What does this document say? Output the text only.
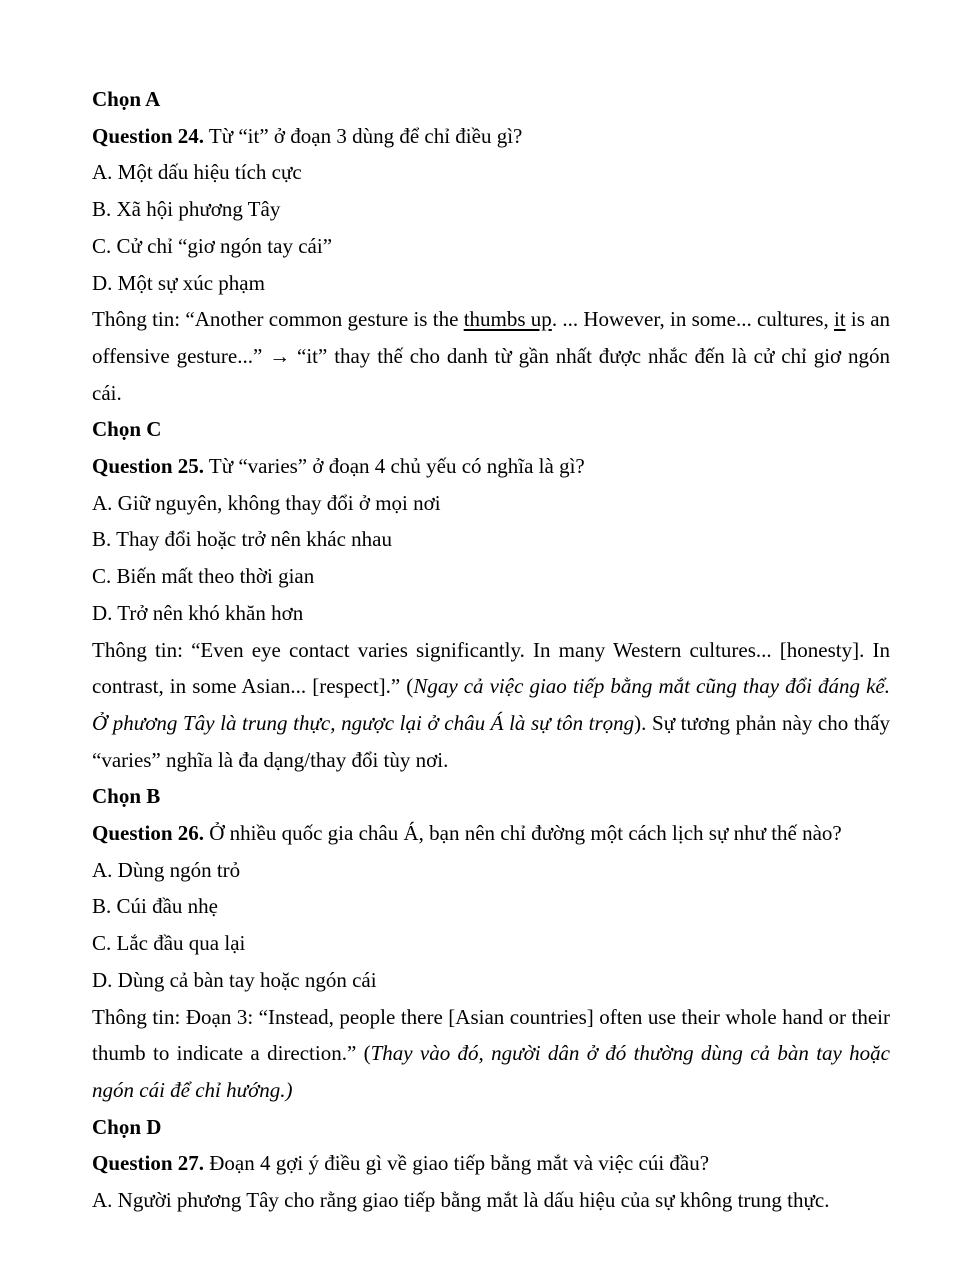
Chọn A

Question 24. Từ “it” ở đoạn 3 dùng để chỉ điều gì?

A. Một dấu hiệu tích cực

B. Xã hội phương Tây

C. Cử chỉ “giơ ngón tay cái”

D. Một sự xúc phạm

Thông tin: “Another common gesture is the thumbs up. ... However, in some... cultures, it is an offensive gesture...” → “it” thay thế cho danh từ gần nhất được nhắc đến là cử chỉ giơ ngón cái.

Chọn C

Question 25. Từ “varies” ở đoạn 4 chủ yếu có nghĩa là gì?

A. Giữ nguyên, không thay đổi ở mọi nơi

B. Thay đổi hoặc trở nên khác nhau

C. Biến mất theo thời gian

D. Trở nên khó khăn hơn

Thông tin: “Even eye contact varies significantly. In many Western cultures... [honesty]. In contrast, in some Asian... [respect].” (Ngay cả việc giao tiếp bằng mắt cũng thay đổi đáng kể. Ở phương Tây là trung thực, ngược lại ở châu Á là sự tôn trọng). Sự tương phản này cho thấy “varies” nghĩa là đa dạng/thay đổi tùy nơi.

Chọn B

Question 26. Ở nhiều quốc gia châu Á, bạn nên chỉ đường một cách lịch sự như thế nào?

A. Dùng ngón trỏ

B. Cúi đầu nhẹ

C. Lắc đầu qua lại

D. Dùng cả bàn tay hoặc ngón cái

Thông tin: Đoạn 3: “Instead, people there [Asian countries] often use their whole hand or their thumb to indicate a direction.” (Thay vào đó, người dân ở đó thường dùng cả bàn tay hoặc ngón cái để chỉ hướng.)

Chọn D

Question 27. Đoạn 4 gợi ý điều gì về giao tiếp bằng mắt và việc cúi đầu?

A. Người phương Tây cho rằng giao tiếp bằng mắt là dấu hiệu của sự không trung thực.
